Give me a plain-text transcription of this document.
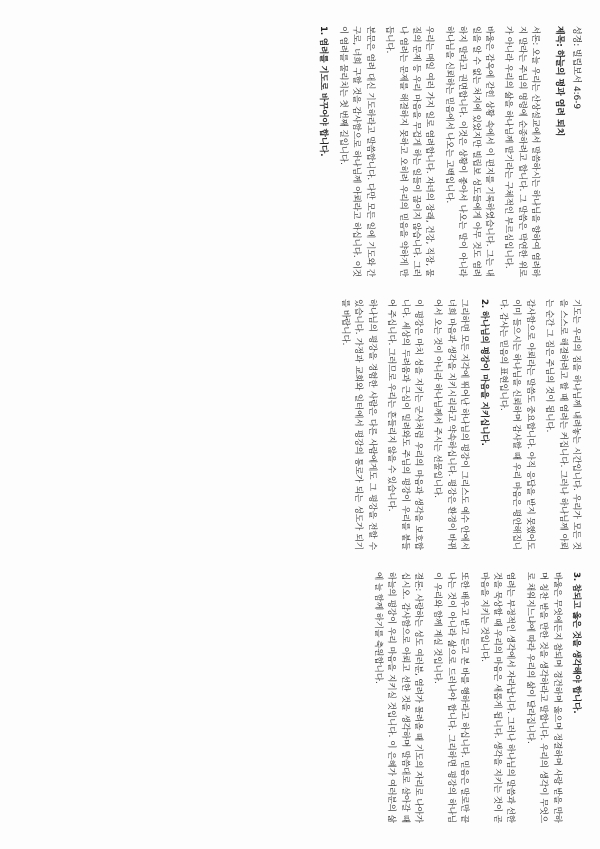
성경: 빌립보서 4:6-9
제목: 하늘의 평과 염려 퇴치

서론: 오늘 우리는 산상설교에서 말씀하시는 하나님을 향하여 염려하지 말라는 주님의 명령에 순종하려고 합니다. 그 말씀은 막연한 위로가 아니라 우리의 삶을 하나님께 맡기라는 구체적인 부르심입니다.

바울은 감옥에 갇힌 상황 속에서 이 편지를 기록하였습니다. 그는 내일을 알 수 없는 처지에 있었지만 빌립보 성도들에게 아무 것도 염려하지 말라고 권면합니다. 이것은 상황이 좋아서 나오는 말이 아니라 하나님을 신뢰하는 믿음에서 나오는 고백입니다.

우리는 매일 여러 가지 일로 염려합니다. 자녀의 장래, 건강, 직장, 물질의 문제 등 우리 마음을 무겁게 하는 일들이 끊이지 않습니다. 그러나 염려는 문제를 해결하지 못하고 오히려 우리의 믿음을 약하게 만듭니다.

본문은 염려 대신 기도하라고 말씀합니다. 다만 모든 일에 기도와 간구로, 너희 구할 것을 감사함으로 하나님께 아뢰라고 하십니다. 이것이 염려를 물리치는 첫 번째 길입니다.

1. 염려를 기도로 바꾸어야 합니다.

기도는 우리의 짐을 하나님께 내려놓는 시간입니다. 우리가 모든 것을 스스로 해결하려고 할 때 염려는 커집니다. 그러나 하나님께 아뢰는 순간 그 짐은 주님의 것이 됩니다.

감사함으로 아뢰라는 말씀도 중요합니다. 아직 응답을 받지 못했어도 이미 들으시는 하나님을 신뢰하며 감사할 때 우리 마음은 평안해집니다. 감사는 믿음의 표현입니다.

2. 하나님의 평강이 마음을 지키십니다.

그리하면 모든 지각에 뛰어난 하나님의 평강이 그리스도 예수 안에서 너희 마음과 생각을 지키시리라고 약속하십니다. 평강은 환경이 바뀌어서 오는 것이 아니라 하나님께서 주시는 선물입니다.

이 평강은 마치 성을 지키는 군사처럼 우리의 마음과 생각을 보호합니다. 세상의 두려움과 근심이 밀려와도 주님의 평강이 우리를 붙들어 주십니다. 그러므로 우리는 흔들리지 않을 수 있습니다.

하나님의 평강을 경험한 사람은 다른 사람에게도 그 평강을 전할 수 있습니다. 가정과 교회와 일터에서 평강의 통로가 되는 성도가 되기를 바랍니다.

3. 참되고 옳은 것을 생각해야 합니다.

바울은 무엇에든지 참되며 경건하며 옳으며 정결하며 사랑 받을 만하며 칭찬 받을 만한 것을 생각하라고 말합니다. 우리의 생각이 무엇으로 채워지느냐에 따라 우리의 삶이 달라집니다.

염려는 부정적인 생각에서 자라납니다. 그러나 하나님의 말씀과 선한 것을 묵상할 때 우리의 마음은 새롭게 됩니다. 생각을 지키는 것이 곧 마음을 지키는 것입니다.

또한 배우고 받고 듣고 본 바를 행하라고 하십니다. 믿음은 말로만 끝나는 것이 아니라 삶으로 드러나야 합니다. 그리하면 평강의 하나님이 우리와 함께 계실 것입니다.

결론: 사랑하는 성도 여러분, 염려가 몰려올 때 기도의 자리로 나아가십시오. 감사함으로 아뢰고 선한 것을 생각하며 말씀대로 살아갈 때 하늘의 평강이 우리 마음을 지키실 것입니다. 이 은혜가 여러분의 삶에 늘 함께 하기를 축원합니다.
